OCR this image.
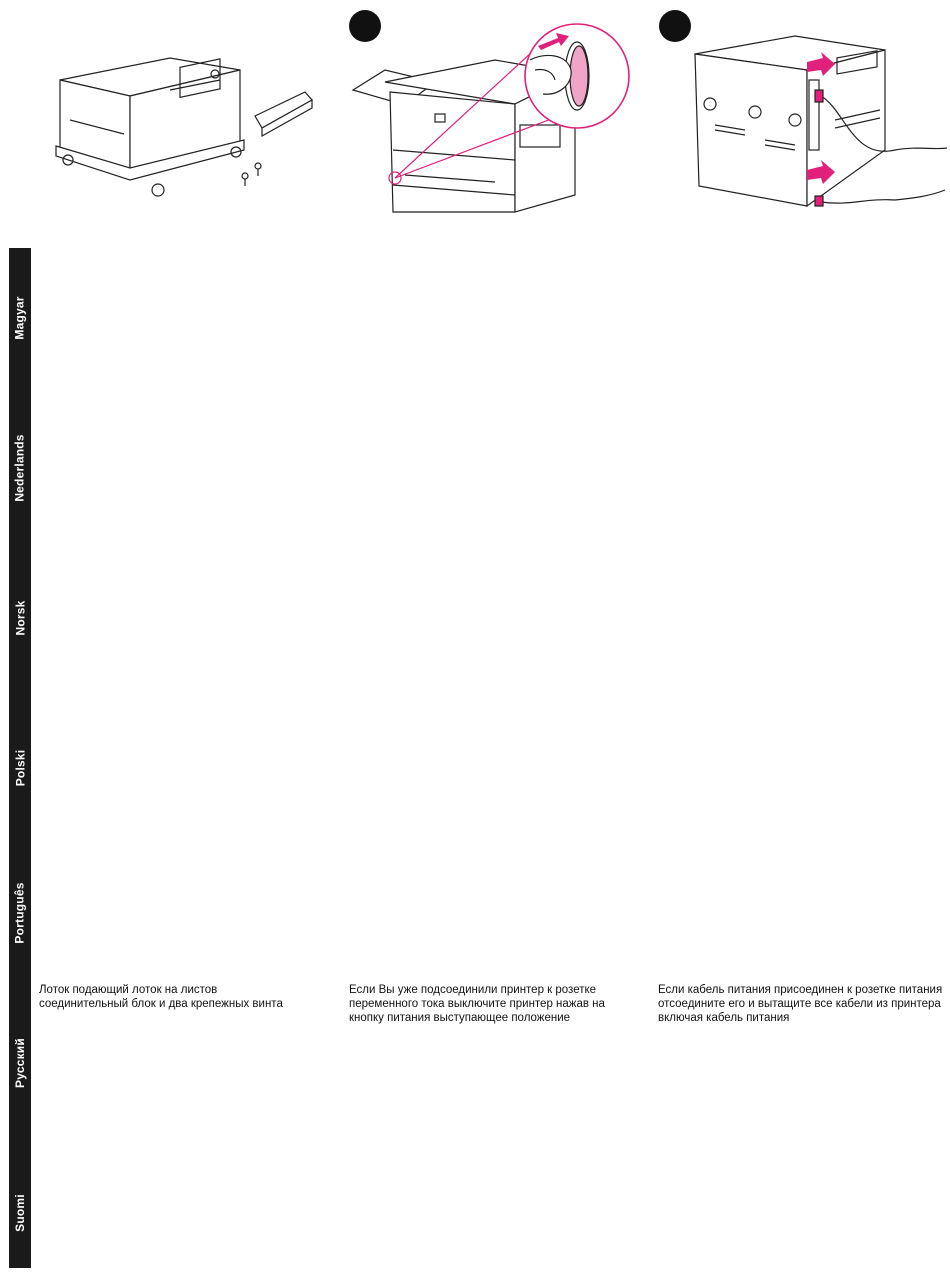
Magyar
Nederlands
Norsk
Polski
Português
Русский
Suomi
Лоток подающий лоток на листов соединительный блок и два крепежных винта
Если Вы уже подсоединили принтер к розетке переменного тока выключите принтер нажав на кнопку питания выступающее положение
Если кабель питания присоединен к розетке питания отсоедините его и вытащите все кабели из принтера включая кабель питания
